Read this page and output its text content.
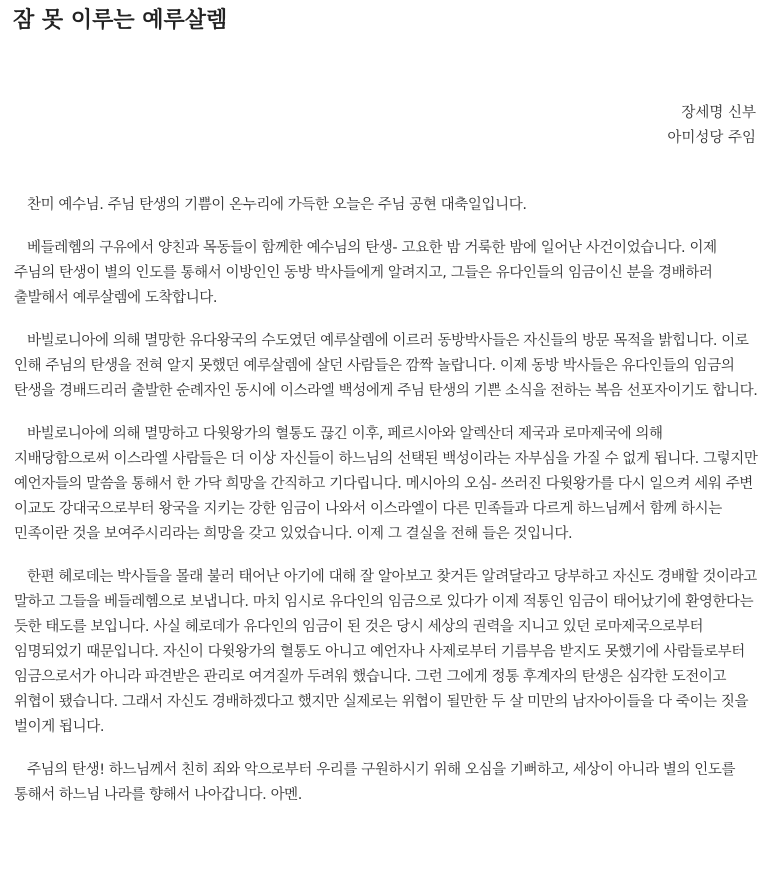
잠 못 이루는 예루살렘
장세명 신부
아미성당 주임

찬미 예수님. 주님 탄생의 기쁨이 온누리에 가득한 오늘은 주님 공현 대축일입니다.

베들레헴의 구유에서 양친과 목동들이 함께한 예수님의 탄생- 고요한 밤 거룩한 밤에 일어난 사건이었습니다. 이제 주님의 탄생이 별의 인도를 통해서 이방인인 동방 박사들에게 알려지고, 그들은 유다인들의 임금이신 분을 경배하러 출발해서 예루살렘에 도착합니다.

바빌로니아에 의해 멸망한 유다왕국의 수도였던 예루살렘에 이르러 동방박사들은 자신들의 방문 목적을 밝힙니다. 이로 인해 주님의 탄생을 전혀 알지 못했던 예루살렘에 살던 사람들은 깜짝 놀랍니다. 이제 동방 박사들은 유다인들의 임금의 탄생을 경배드리러 출발한 순례자인 동시에 이스라엘 백성에게 주님 탄생의 기쁜 소식을 전하는 복음 선포자이기도 합니다.

바빌로니아에 의해 멸망하고 다윗왕가의 혈통도 끊긴 이후, 페르시아와 알렉산더 제국과 로마제국에 의해 지배당함으로써 이스라엘 사람들은 더 이상 자신들이 하느님의 선택된 백성이라는 자부심을 가질 수 없게 됩니다. 그렇지만 예언자들의 말씀을 통해서 한 가닥 희망을 간직하고 기다립니다. 메시아의 오심- 쓰러진 다윗왕가를 다시 일으켜 세워 주변 이교도 강대국으로부터 왕국을 지키는 강한 임금이 나와서 이스라엘이 다른 민족들과 다르게 하느님께서 함께 하시는 민족이란 것을 보여주시리라는 희망을 갖고 있었습니다. 이제 그 결실을 전해 들은 것입니다.

한편 헤로데는 박사들을 몰래 불러 태어난 아기에 대해 잘 알아보고 찾거든 알려달라고 당부하고 자신도 경배할 것이라고 말하고 그들을 베들레헴으로 보냅니다. 마치 임시로 유다인의 임금으로 있다가 이제 적통인 임금이 태어났기에 환영한다는 듯한 태도를 보입니다. 사실 헤로데가 유다인의 임금이 된 것은 당시 세상의 권력을 지니고 있던 로마제국으로부터 임명되었기 때문입니다. 자신이 다윗왕가의 혈통도 아니고 예언자나 사제로부터 기름부음 받지도 못했기에 사람들로부터 임금으로서가 아니라 파견받은 관리로 여겨질까 두려워 했습니다. 그런 그에게 정통 후계자의 탄생은 심각한 도전이고 위협이 됐습니다. 그래서 자신도 경배하겠다고 했지만 실제로는 위협이 될만한 두 살 미만의 남자아이들을 다 죽이는 짓을 벌이게 됩니다.

주님의 탄생! 하느님께서 친히 죄와 악으로부터 우리를 구원하시기 위해 오심을 기뻐하고, 세상이 아니라 별의 인도를 통해서 하느님 나라를 향해서 나아갑니다. 아멘.
